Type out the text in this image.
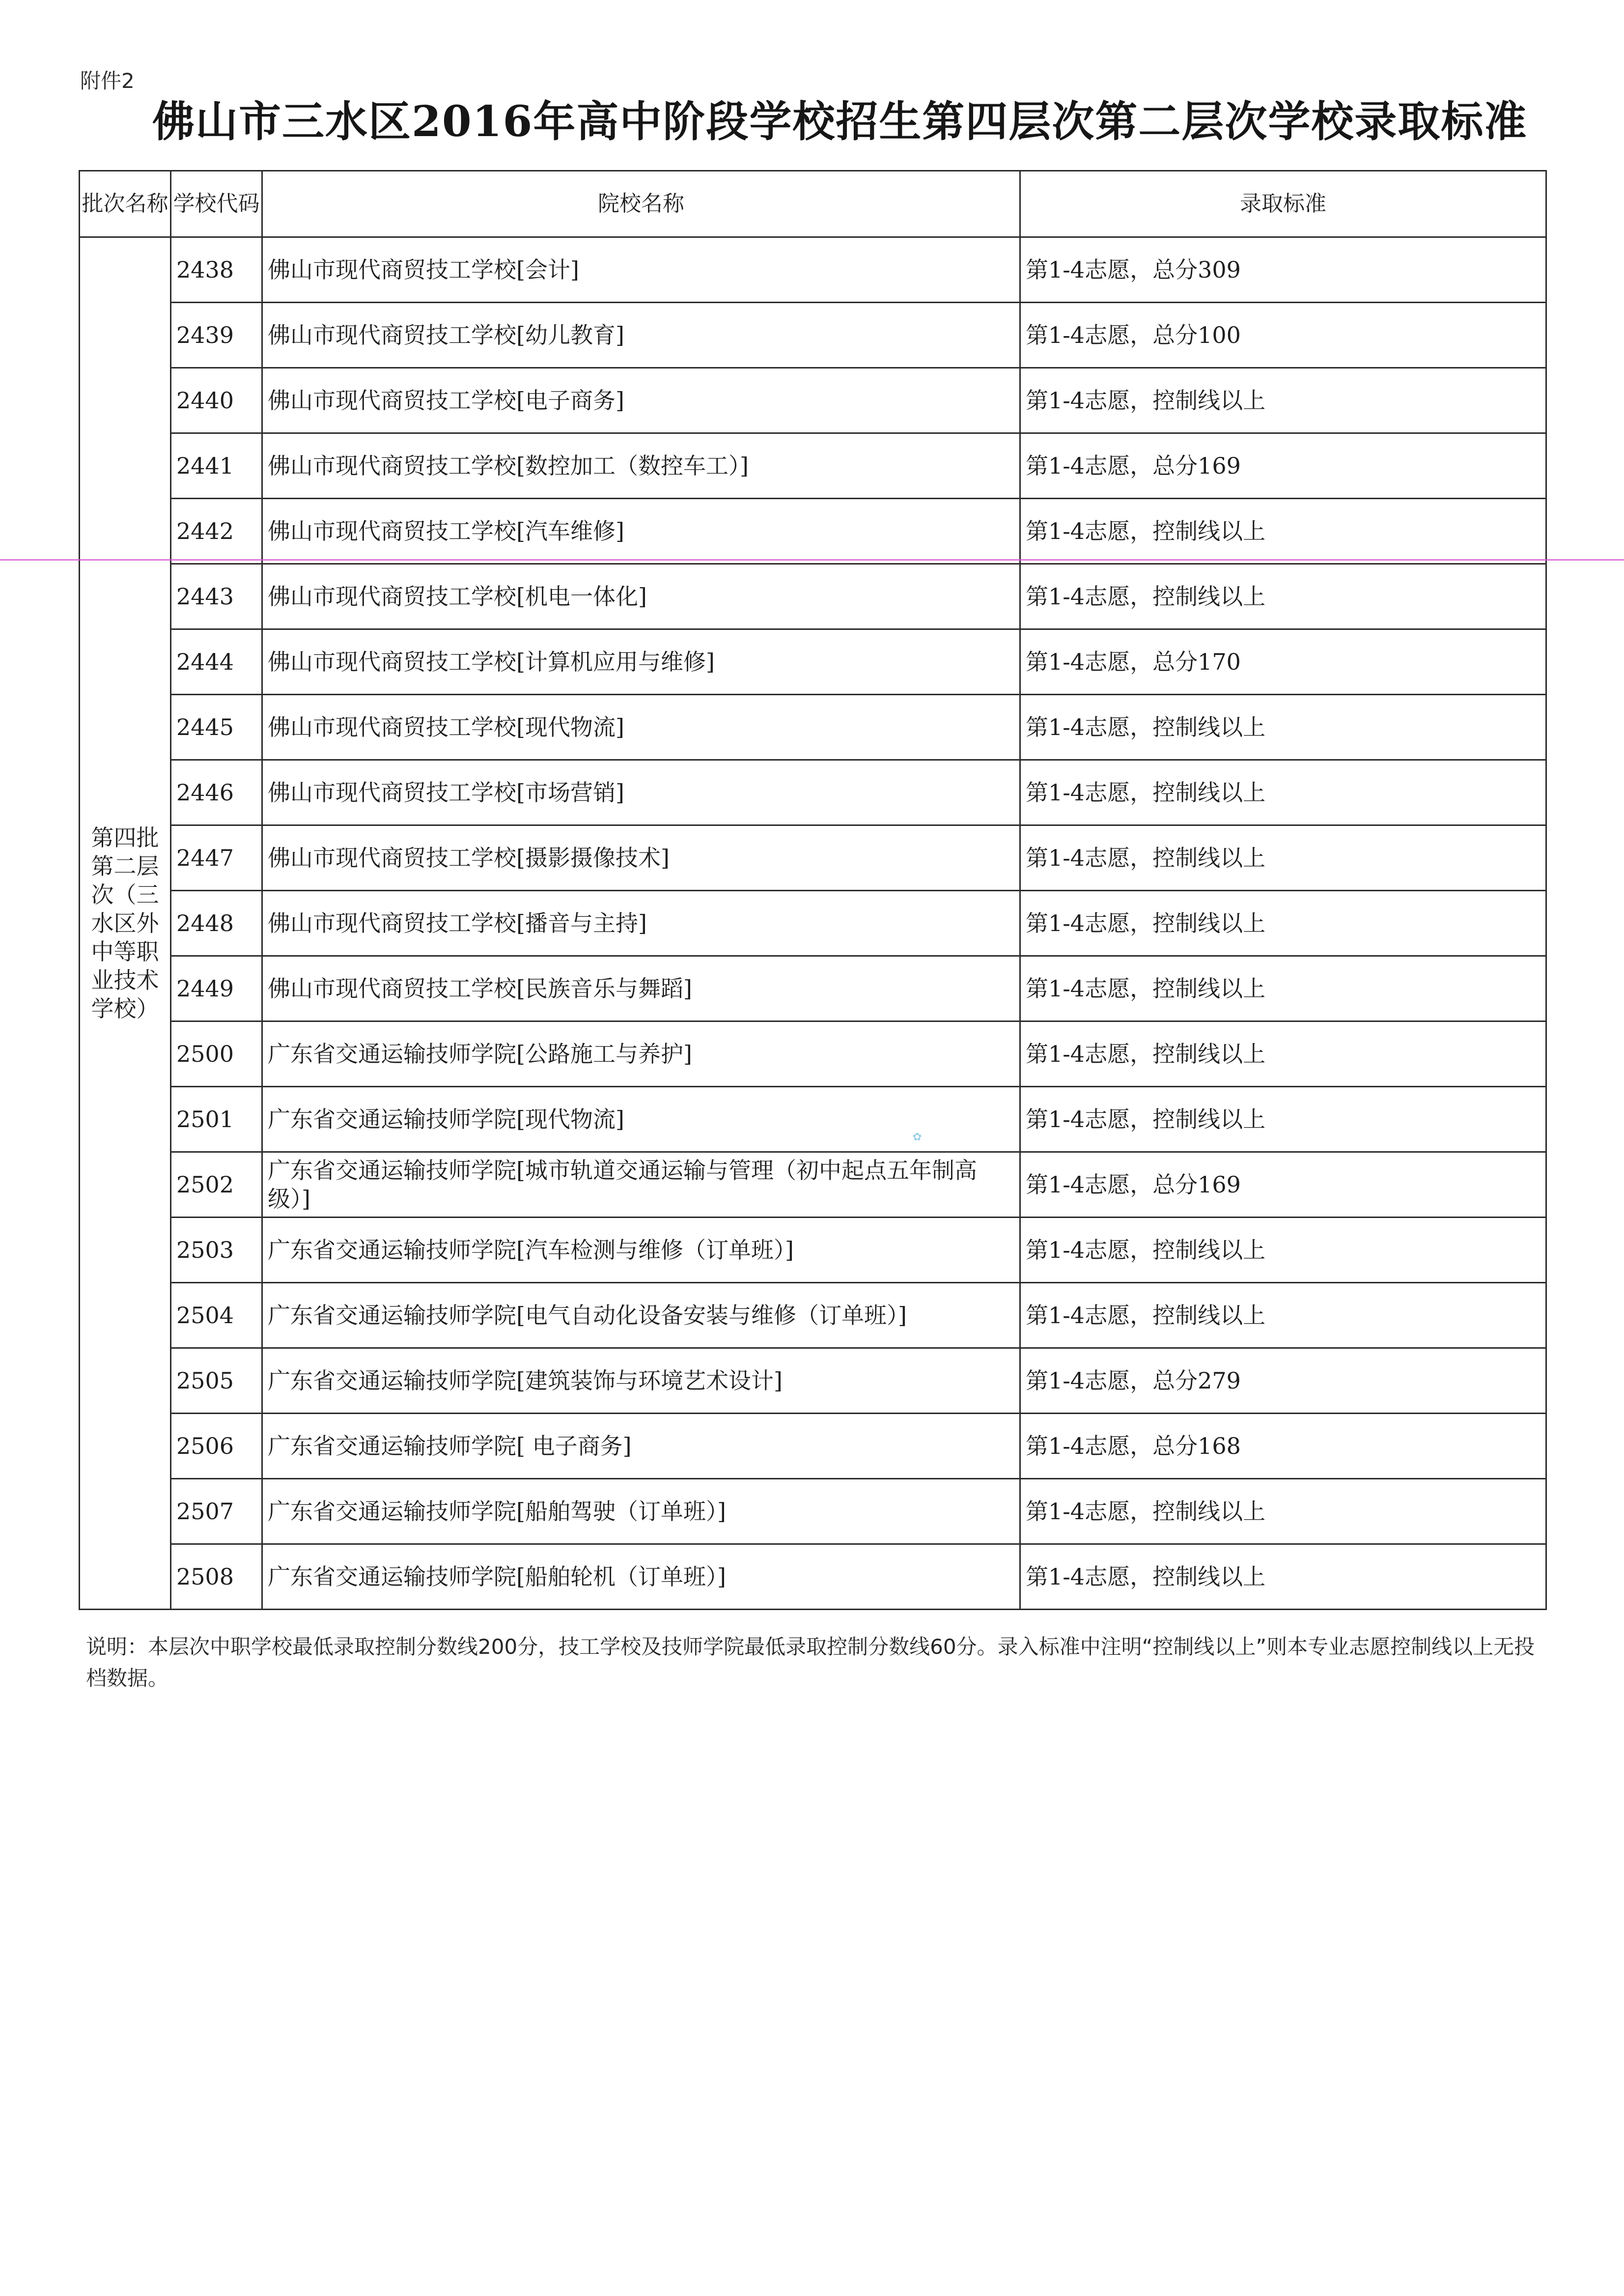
附件2
佛山市三水区2016年高中阶段学校招生第四层次第二层次学校录取标准
批次名称	学校代码	院校名称	录取标准
第四批第二层次（三水区外中等职业技术学校）	2438	佛山市现代商贸技工学校[会计]	第1-4志愿，总分309
	2439	佛山市现代商贸技工学校[幼儿教育]	第1-4志愿，总分100
	2440	佛山市现代商贸技工学校[电子商务]	第1-4志愿，控制线以上
	2441	佛山市现代商贸技工学校[数控加工（数控车工）]	第1-4志愿，总分169
	2442	佛山市现代商贸技工学校[汽车维修]	第1-4志愿，控制线以上
	2443	佛山市现代商贸技工学校[机电一体化]	第1-4志愿，控制线以上
	2444	佛山市现代商贸技工学校[计算机应用与维修]	第1-4志愿，总分170
	2445	佛山市现代商贸技工学校[现代物流]	第1-4志愿，控制线以上
	2446	佛山市现代商贸技工学校[市场营销]	第1-4志愿，控制线以上
	2447	佛山市现代商贸技工学校[摄影摄像技术]	第1-4志愿，控制线以上
	2448	佛山市现代商贸技工学校[播音与主持]	第1-4志愿，控制线以上
	2449	佛山市现代商贸技工学校[民族音乐与舞蹈]	第1-4志愿，控制线以上
	2500	广东省交通运输技师学院[公路施工与养护]	第1-4志愿，控制线以上
	2501	广东省交通运输技师学院[现代物流]	第1-4志愿，控制线以上
	2502	广东省交通运输技师学院[城市轨道交通运输与管理（初中起点五年制高级）]	第1-4志愿，总分169
	2503	广东省交通运输技师学院[汽车检测与维修（订单班）]	第1-4志愿，控制线以上
	2504	广东省交通运输技师学院[电气自动化设备安装与维修（订单班）]	第1-4志愿，控制线以上
	2505	广东省交通运输技师学院[建筑装饰与环境艺术设计]	第1-4志愿，总分279
	2506	广东省交通运输技师学院[ 电子商务]	第1-4志愿，总分168
	2507	广东省交通运输技师学院[船舶驾驶（订单班）]	第1-4志愿，控制线以上
	2508	广东省交通运输技师学院[船舶轮机（订单班）]	第1-4志愿，控制线以上
说明：本层次中职学校最低录取控制分数线200分，技工学校及技师学院最低录取控制分数线60分。录入标准中注明“控制线以上”则本专业志愿控制线以上无投档数据。
✿
